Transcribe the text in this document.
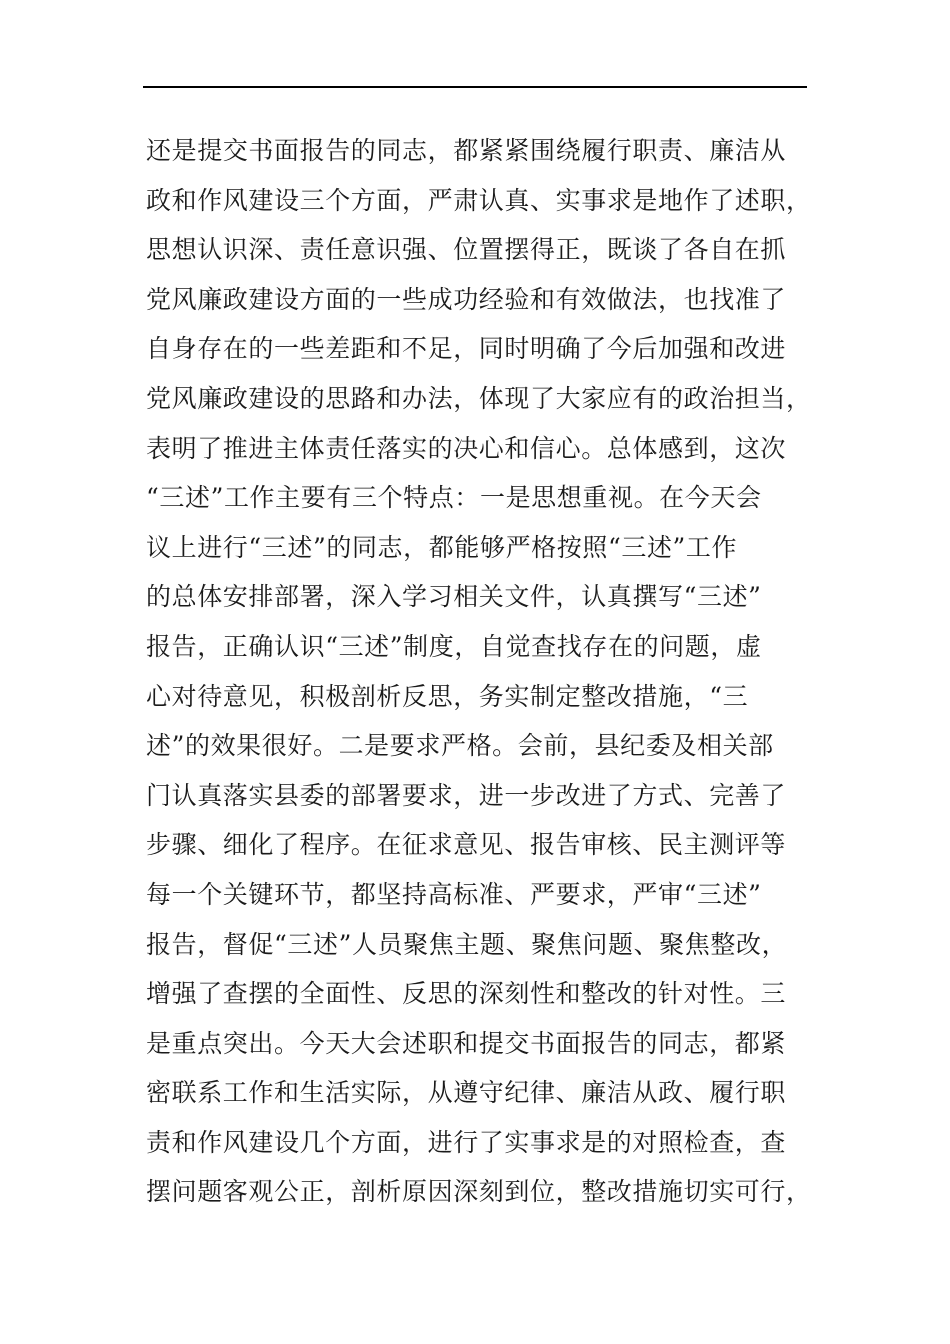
还是提交书面报告的同志，都紧紧围绕履行职责、廉洁从
政和作风建设三个方面，严肃认真、实事求是地作了述职，
思想认识深、责任意识强、位置摆得正，既谈了各自在抓
党风廉政建设方面的一些成功经验和有效做法，也找准了
自身存在的一些差距和不足，同时明确了今后加强和改进
党风廉政建设的思路和办法，体现了大家应有的政治担当，
表明了推进主体责任落实的决心和信心。总体感到，这次
“三述”工作主要有三个特点：一是思想重视。在今天会
议上进行“三述”的同志，都能够严格按照“三述”工作
的总体安排部署，深入学习相关文件，认真撰写“三述”
报告，正确认识“三述”制度，自觉查找存在的问题，虚
心对待意见，积极剖析反思，务实制定整改措施，“三
述”的效果很好。二是要求严格。会前，县纪委及相关部
门认真落实县委的部署要求，进一步改进了方式、完善了
步骤、细化了程序。在征求意见、报告审核、民主测评等
每一个关键环节，都坚持高标准、严要求，严审“三述”
报告，督促“三述”人员聚焦主题、聚焦问题、聚焦整改，
增强了查摆的全面性、反思的深刻性和整改的针对性。三
是重点突出。今天大会述职和提交书面报告的同志，都紧
密联系工作和生活实际，从遵守纪律、廉洁从政、履行职
责和作风建设几个方面，进行了实事求是的对照检查，查
摆问题客观公正，剖析原因深刻到位，整改措施切实可行，
